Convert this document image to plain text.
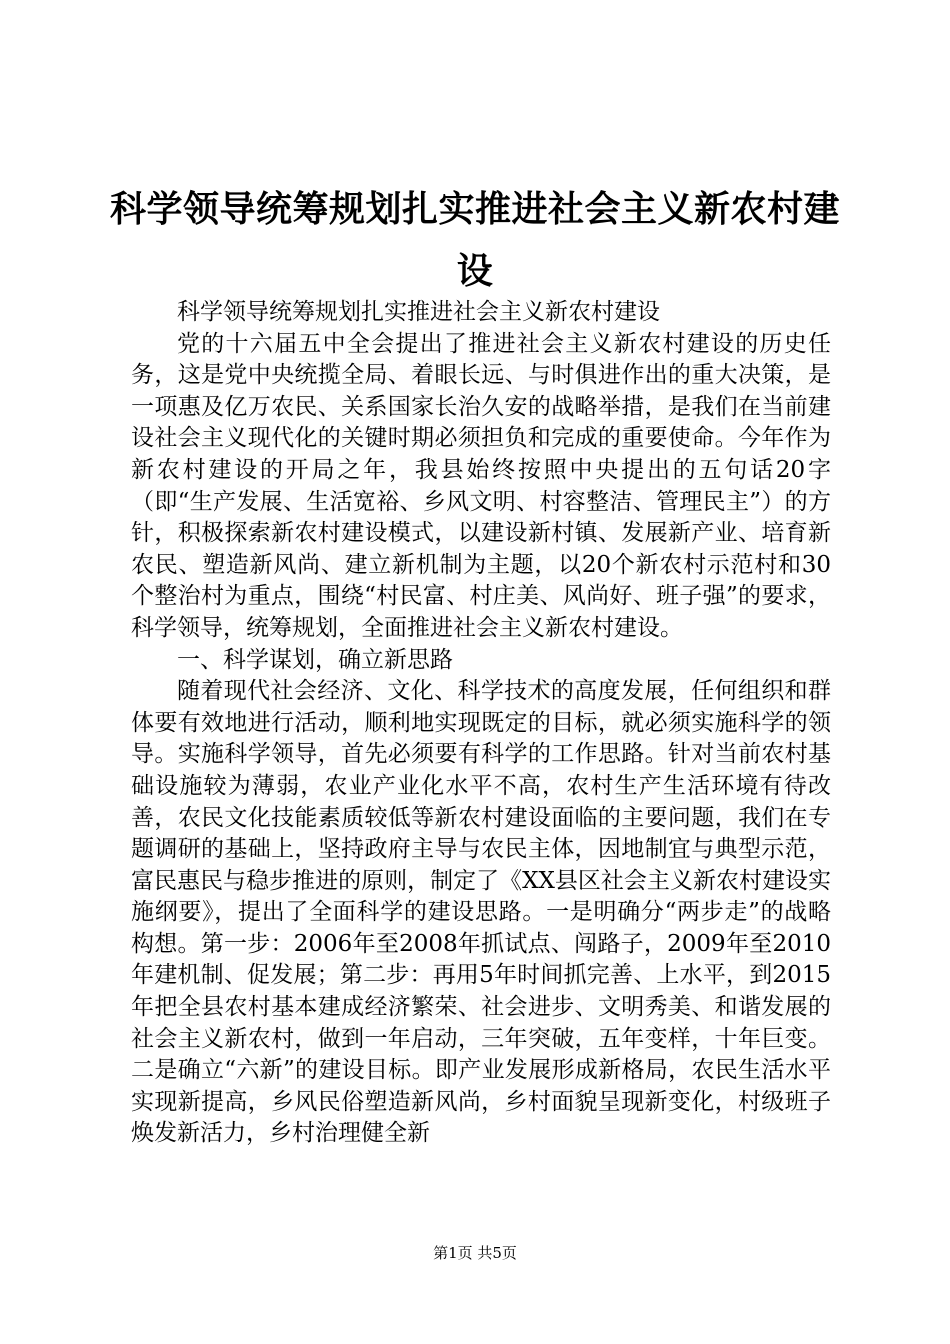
科学领导统筹规划扎实推进社会主义新农村建设

科学领导统筹规划扎实推进社会主义新农村建设

党的十六届五中全会提出了推进社会主义新农村建设的历史任务，这是党中央统揽全局、着眼长远、与时俱进作出的重大决策，是一项惠及亿万农民、关系国家长治久安的战略举措，是我们在当前建设社会主义现代化的关键时期必须担负和完成的重要使命。今年作为新农村建设的开局之年，我县始终按照中央提出的五句话20字（即“生产发展、生活宽裕、乡风文明、村容整洁、管理民主”）的方针，积极探索新农村建设模式，以建设新村镇、发展新产业、培育新农民、塑造新风尚、建立新机制为主题，以20个新农村示范村和30个整治村为重点，围绕“村民富、村庄美、风尚好、班子强”的要求，科学领导，统筹规划，全面推进社会主义新农村建设。

一、科学谋划，确立新思路

随着现代社会经济、文化、科学技术的高度发展，任何组织和群体要有效地进行活动，顺利地实现既定的目标，就必须实施科学的领导。实施科学领导，首先必须要有科学的工作思路。针对当前农村基础设施较为薄弱，农业产业化水平不高，农村生产生活环境有待改善，农民文化技能素质较低等新农村建设面临的主要问题，我们在专题调研的基础上，坚持政府主导与农民主体，因地制宜与典型示范，富民惠民与稳步推进的原则，制定了《XX县区社会主义新农村建设实施纲要》，提出了全面科学的建设思路。一是明确分“两步走”的战略构想。第一步：2006年至2008年抓试点、闯路子，2009年至2010年建机制、促发展；第二步：再用5年时间抓完善、上水平，到2015年把全县农村基本建成经济繁荣、社会进步、文明秀美、和谐发展的社会主义新农村，做到一年启动，三年突破，五年变样，十年巨变。二是确立“六新”的建设目标。即产业发展形成新格局，农民生活水平实现新提高，乡风民俗塑造新风尚，乡村面貌呈现新变化，村级班子焕发新活力，乡村治理健全新

第1页 共5页
